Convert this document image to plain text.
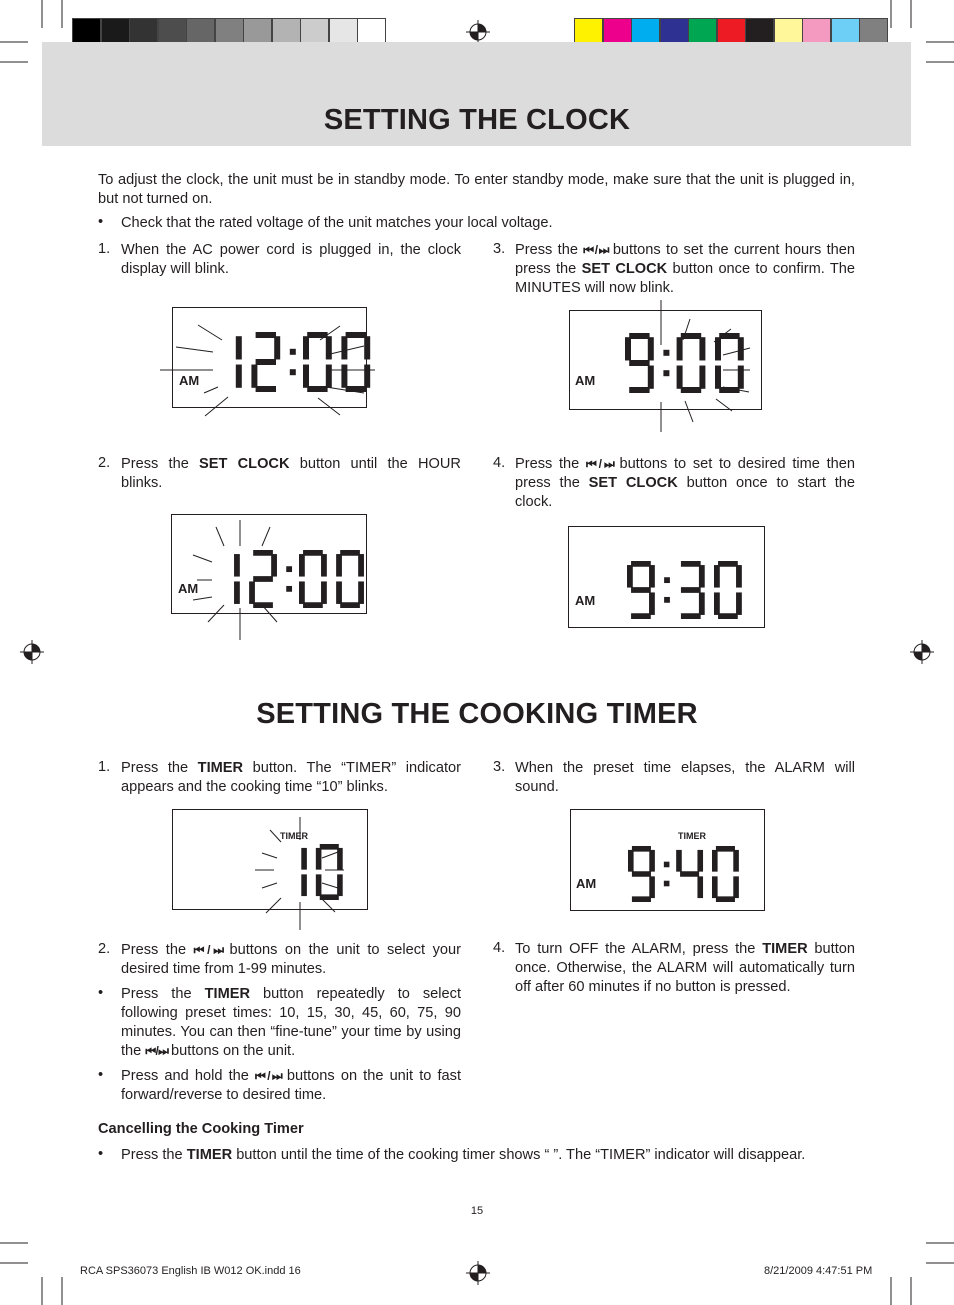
SETTING THE CLOCK
To adjust the clock, the unit must be in standby mode. To enter standby mode, make sure that the unit is plugged in, but not turned on.
• Check that the rated voltage of the unit matches your local voltage.
1. When the AC power cord is plugged in, the clock display will blink.
3. Press the ⏮ / ⏭ buttons to set the current hours then press the SET CLOCK button once to confirm. The MINUTES will now blink.
AM	AM
2. Press the SET CLOCK button until the HOUR blinks.
4. Press the ⏮ / ⏭ buttons to set to desired time then press the SET CLOCK button once to start the clock.
AM
AM
SETTING THE COOKING TIMER
1. Press the TIMER button. The “TIMER” indicator appears and the cooking time “10” blinks.
3. When the preset time elapses, the ALARM will sound.
TIMER
AM
TIMER
2. Press the ⏮ / ⏭ buttons on the unit to select your desired time from 1-99 minutes.
• Press the TIMER button repeatedly to select following preset times: 10, 15, 30, 45, 60, 75, 90 minutes. You can then “fine-tune” your time by using the ⏮ / ⏭ buttons on the unit.
• Press and hold the ⏮ / ⏭ buttons on the unit to fast forward/reverse to desired time.
4. To turn OFF the ALARM, press the TIMER button once. Otherwise, the ALARM will automatically turn off after 60 minutes if no button is pressed.
Cancelling the Cooking Timer
• Press the TIMER button until the time of the cooking timer shows “ ”. The “TIMER” indicator will disappear.
15
RCA SPS36073 English IB W012 OK.indd 16	8/21/2009 4:47:51 PM
